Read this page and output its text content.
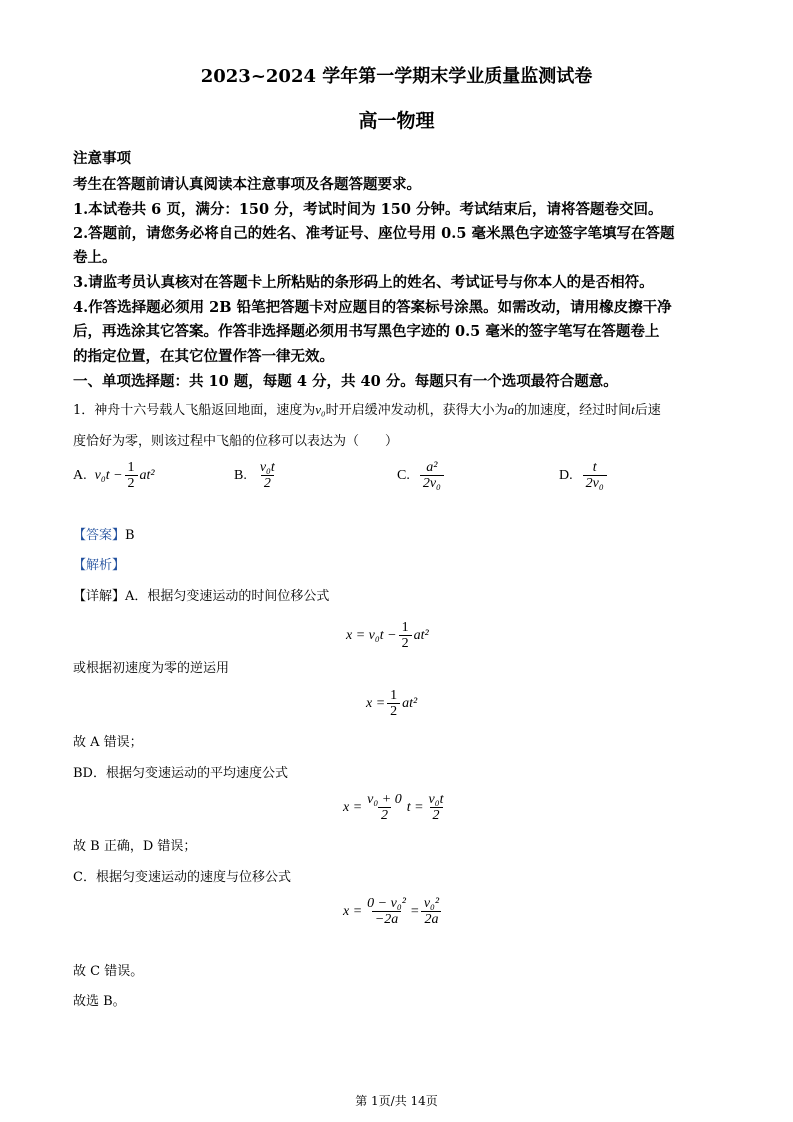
2023~2024 学年第一学期末学业质量监测试卷
高一物理
注意事项
考生在答题前请认真阅读本注意事项及各题答题要求。
1.本试卷共 6 页，满分：150 分，考试时间为 150 分钟。考试结束后，请将答题卷交回。
2.答题前，请您务必将自己的姓名、准考证号、座位号用 0.5 毫米黑色字迹签字笔填写在答题
卷上。
3.请监考员认真核对在答题卡上所粘贴的条形码上的姓名、考试证号与你本人的是否相符。
4.作答选择题必须用 2B 铅笔把答题卡对应题目的答案标号涂黑。如需改动，请用橡皮擦干净
后，再选涂其它答案。作答非选择题必须用书写黑色字迹的 0.5 毫米的签字笔写在答题卷上
的指定位置，在其它位置作答一律无效。
一、单项选择题：共 10 题，每题 4 分，共 40 分。每题只有一个选项最符合题意。
1．神舟十六号载人飞船返回地面，速度为v₀时开启缓冲发动机，获得大小为a的加速度，经过时间t后速
度恰好为零，则该过程中飞船的位移可以表达为（　　）
A. $v_0t - \frac{1}{2} at^2$	B. $\frac{\text{v₀t}}{2}$	C. $\frac{\text{a²}}{\text{2v₀}}$	D. $\frac{t}{\text{2v₀}}$
【答案】B
【解析】
【详解】A．根据匀变速运动的时间位移公式
$x = v_0t - \frac{1}{2} at^2$
或根据初速度为零的逆运用
$x = \frac{1}{2} at^2$
故 A 错误；
BD．根据匀变速运动的平均速度公式
$x = \frac{\text{v₀ + 0}}{2}$ $t = \frac{\text{v₀t}}{2}$
故 B 正确，D 错误；
C．根据匀变速运动的速度与位移公式
$x = \frac{\text{0 − v₀²}}{-2a} = \frac{\text{v₀²}}{2a}$
故 C 错误。
故选 B。
第 1页/共 14页
